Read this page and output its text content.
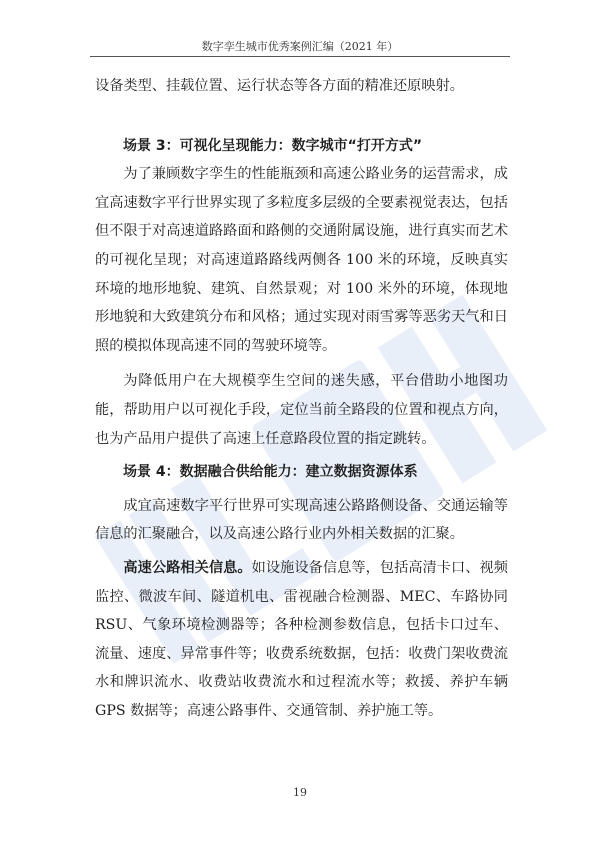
数字孪生城市优秀案例汇编（2021 年）

设备类型、挂载位置、运行状态等各方面的精准还原映射。

场景 3：可视化呈现能力：数字城市“打开方式”

为了兼顾数字孪生的性能瓶颈和高速公路业务的运营需求，成宜高速数字平行世界实现了多粒度多层级的全要素视觉表达，包括但不限于对高速道路路面和路侧的交通附属设施，进行真实而艺术的可视化呈现；对高速道路路线两侧各 100 米的环境，反映真实环境的地形地貌、建筑、自然景观；对 100 米外的环境，体现地形地貌和大致建筑分布和风格；通过实现对雨雪雾等恶劣天气和日照的模拟体现高速不同的驾驶环境等。

为降低用户在大规模孪生空间的迷失感，平台借助小地图功能，帮助用户以可视化手段，定位当前全路段的位置和视点方向，也为产品用户提供了高速上任意路段位置的指定跳转。

场景 4：数据融合供给能力：建立数据资源体系

成宜高速数字平行世界可实现高速公路路侧设备、交通运输等信息的汇聚融合，以及高速公路行业内外相关数据的汇聚。

高速公路相关信息。如设施设备信息等，包括高清卡口、视频监控、微波车间、隧道机电、雷视融合检测器、MEC、车路协同 RSU、气象环境检测器等；各种检测参数信息，包括卡口过车、流量、速度、异常事件等；收费系统数据，包括：收费门架收费流水和牌识流水、收费站收费流水和过程流水等；救援、养护车辆 GPS 数据等；高速公路事件、交通管制、养护施工等。

19
